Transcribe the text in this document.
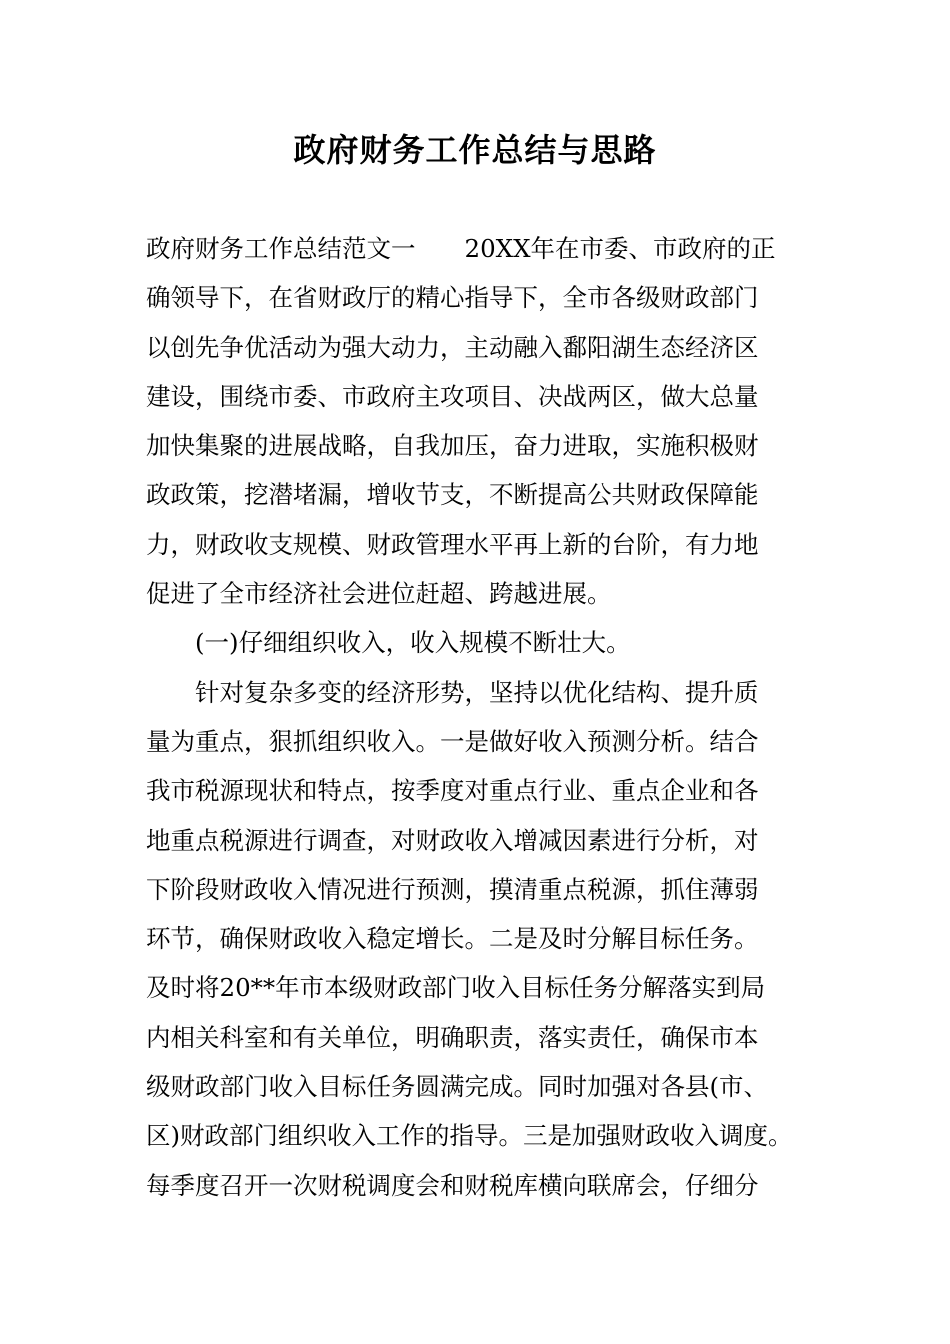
政府财务工作总结与思路
政府财务工作总结范文一　　20XX年在市委、市政府的正
确领导下，在省财政厅的精心指导下，全市各级财政部门
以创先争优活动为强大动力，主动融入鄱阳湖生态经济区
建设，围绕市委、市政府主攻项目、决战两区，做大总量
加快集聚的进展战略，自我加压，奋力进取，实施积极财
政政策，挖潜堵漏，增收节支，不断提高公共财政保障能
力，财政收支规模、财政管理水平再上新的台阶，有力地
促进了全市经济社会进位赶超、跨越进展。
　　(一)仔细组织收入，收入规模不断壮大。
　　针对复杂多变的经济形势，坚持以优化结构、提升质
量为重点，狠抓组织收入。一是做好收入预测分析。结合
我市税源现状和特点，按季度对重点行业、重点企业和各
地重点税源进行调查，对财政收入增减因素进行分析，对
下阶段财政收入情况进行预测，摸清重点税源，抓住薄弱
环节，确保财政收入稳定增长。二是及时分解目标任务。
及时将20**年市本级财政部门收入目标任务分解落实到局
内相关科室和有关单位，明确职责，落实责任，确保市本
级财政部门收入目标任务圆满完成。同时加强对各县(市、
区)财政部门组织收入工作的指导。三是加强财政收入调度。
每季度召开一次财税调度会和财税库横向联席会，仔细分
